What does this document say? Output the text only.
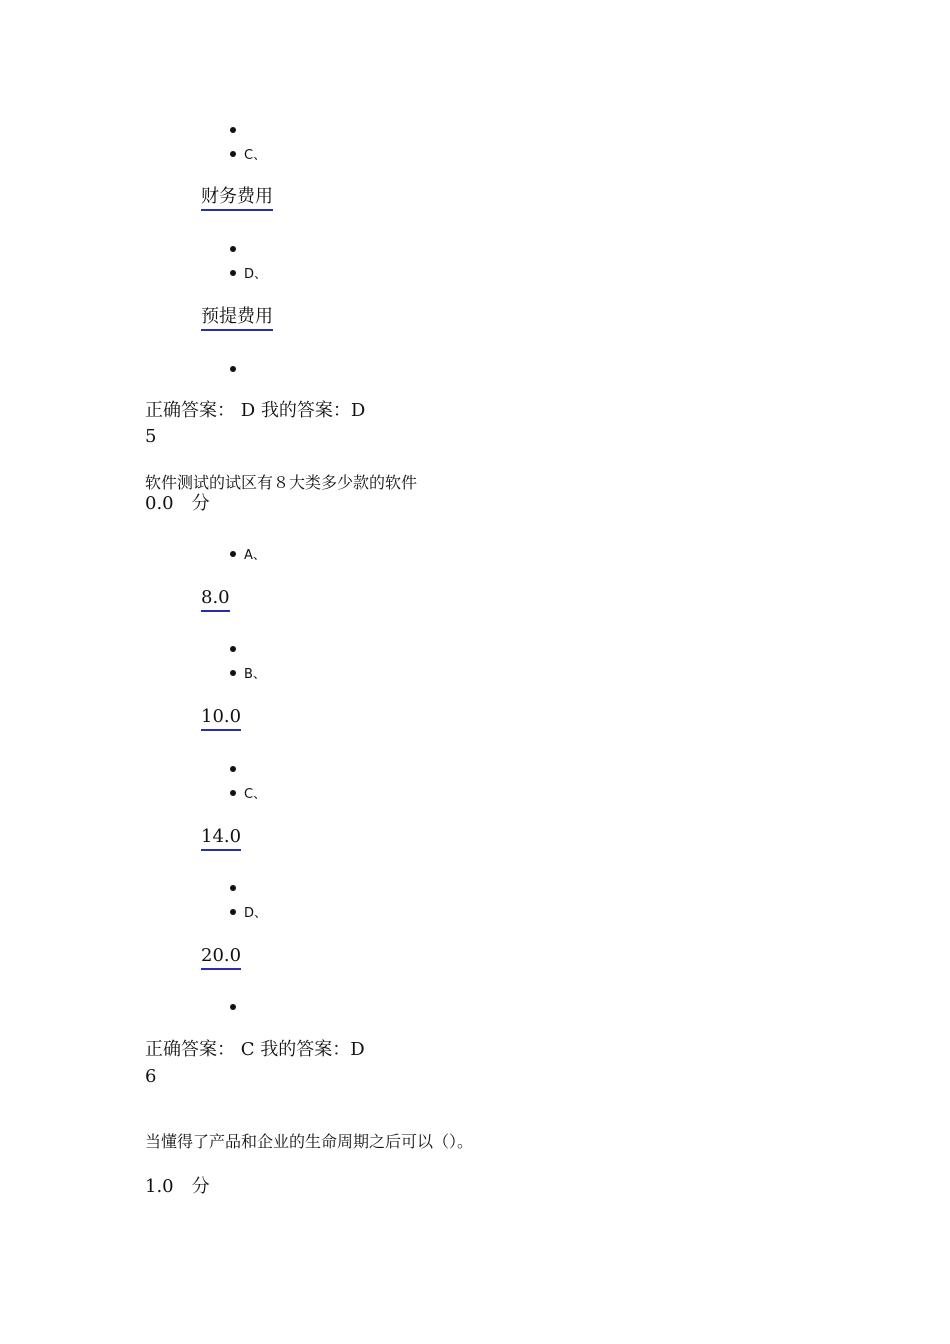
C、
财务费用
D、
预提费用
正确答案： D 我的答案：D
5
软件测试的试区有８大类多少款的软件
0.0　分
A、
8.0
B、
10.0
C、
14.0
D、
20.0
正确答案： C 我的答案：D
6
当懂得了产品和企业的生命周期之后可以（）。
1.0　分
